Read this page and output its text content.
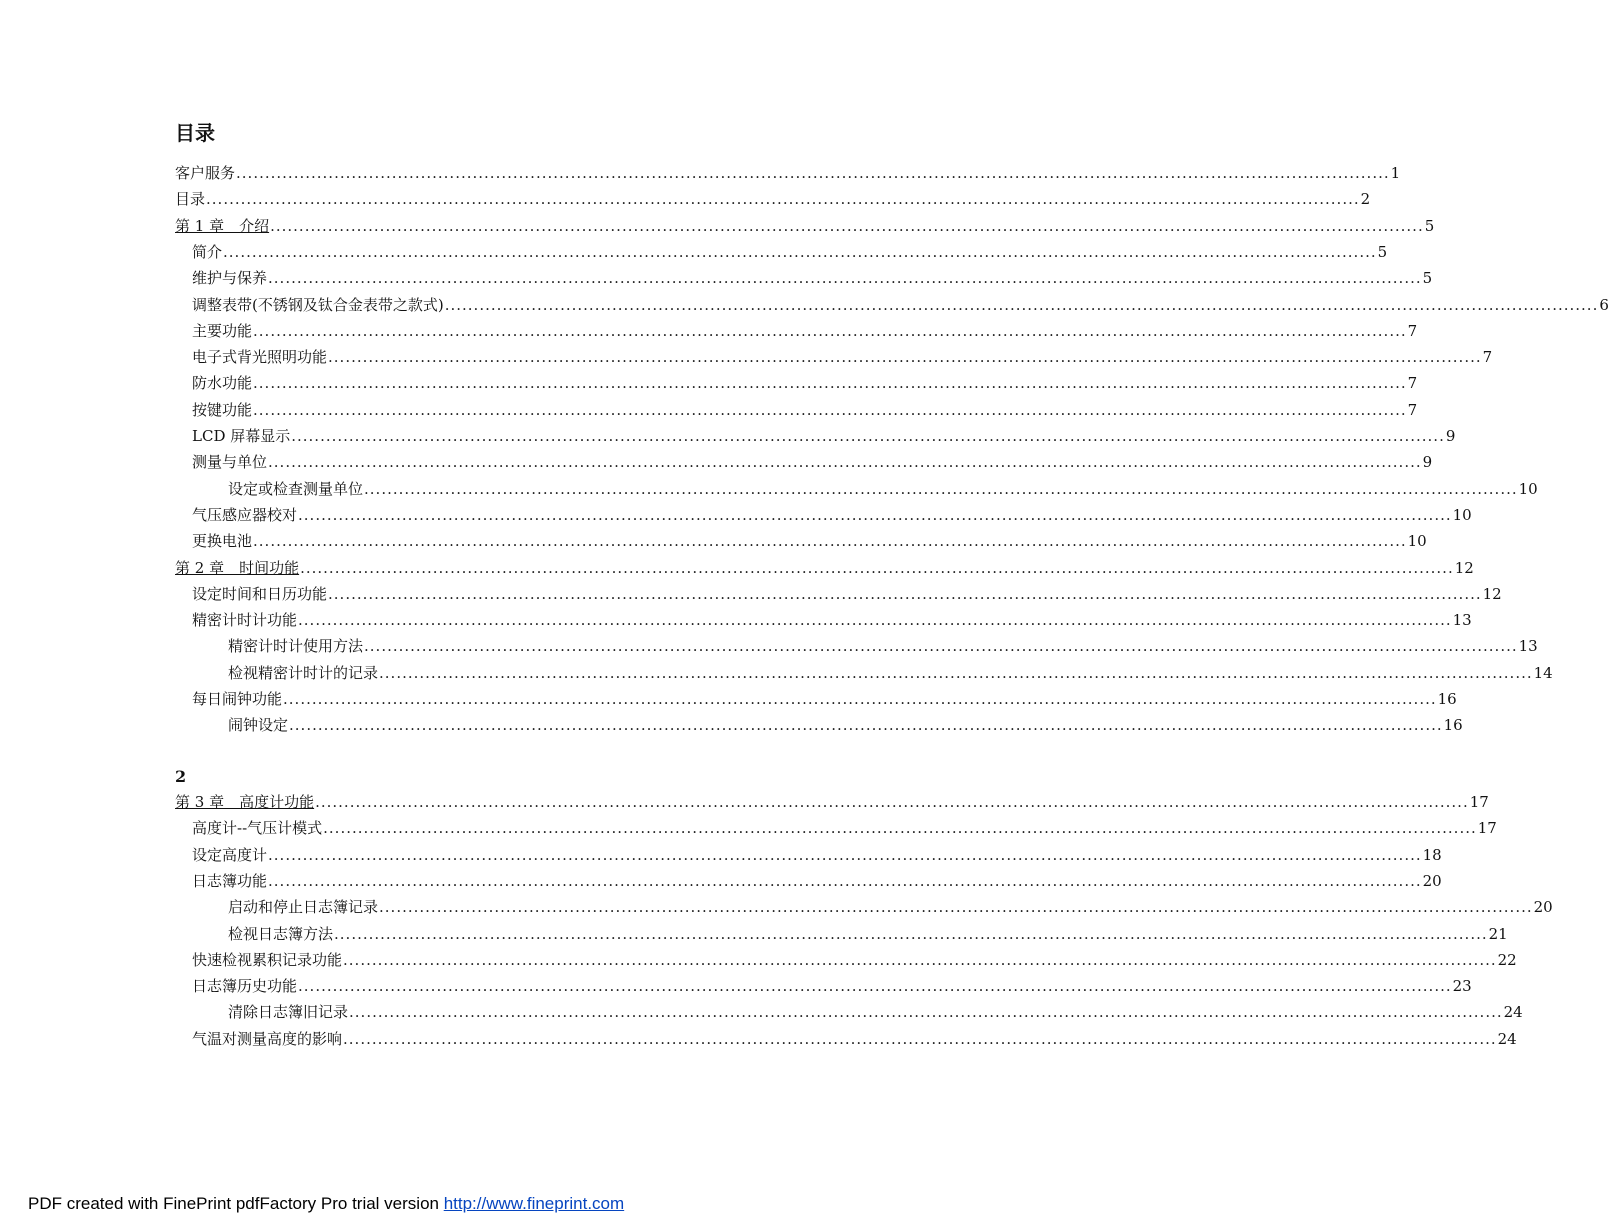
目录
客户服务 ........................................................................................................................................................................................................ 1
目录 ........................................................................................................................................................................................................ 2
第 1 章　介绍 ........................................................................................................................................................................................................ 5
简介 ........................................................................................................................................................................................................ 5
维护与保养 ........................................................................................................................................................................................................ 5
调整表带(不锈钢及钛合金表带之款式) ........................................................................................................................................................................................................ 6
主要功能 ........................................................................................................................................................................................................ 7
电子式背光照明功能 ........................................................................................................................................................................................................ 7
防水功能 ........................................................................................................................................................................................................ 7
按键功能 ........................................................................................................................................................................................................ 7
LCD 屏幕显示 ........................................................................................................................................................................................................ 9
测量与单位 ........................................................................................................................................................................................................ 9
设定或检查测量单位 ........................................................................................................................................................................................................ 10
气压感应器校对 ........................................................................................................................................................................................................ 10
更换电池 ........................................................................................................................................................................................................ 10
第 2 章　时间功能 ........................................................................................................................................................................................................ 12
设定时间和日历功能 ........................................................................................................................................................................................................ 12
精密计时计功能 ........................................................................................................................................................................................................ 13
精密计时计使用方法 ........................................................................................................................................................................................................ 13
检视精密计时计的记录 ........................................................................................................................................................................................................ 14
每日闹钟功能 ........................................................................................................................................................................................................ 16
闹钟设定 ........................................................................................................................................................................................................ 16
第 3 章　高度计功能 ........................................................................................................................................................................................................ 17
高度计--气压计模式 ........................................................................................................................................................................................................ 17
设定高度计 ........................................................................................................................................................................................................ 18
日志簿功能 ........................................................................................................................................................................................................ 20
启动和停止日志簿记录 ........................................................................................................................................................................................................ 20
检视日志簿方法 ........................................................................................................................................................................................................ 21
快速检视累积记录功能 ........................................................................................................................................................................................................ 22
日志簿历史功能 ........................................................................................................................................................................................................ 23
清除日志簿旧记录 ........................................................................................................................................................................................................ 24
气温对测量高度的影响 ........................................................................................................................................................................................................ 24
2
PDF created with FinePrint pdfFactory Pro trial version http://www.fineprint.com
